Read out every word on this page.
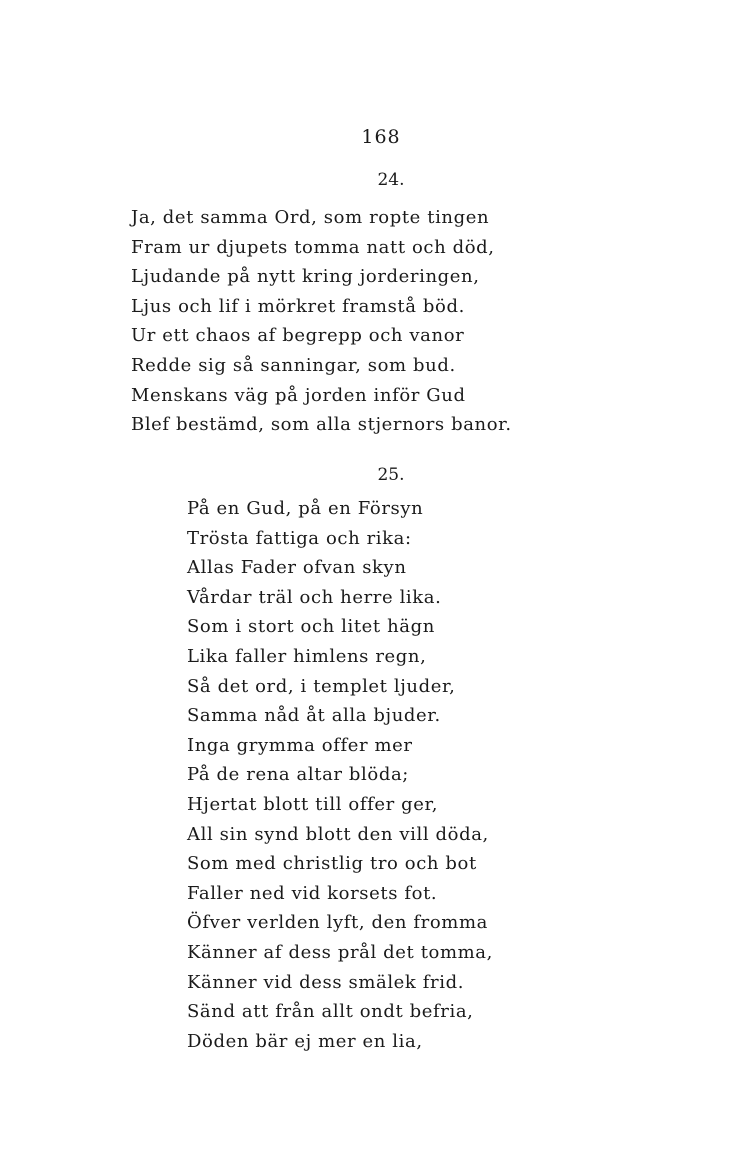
168
24.
Ja, det samma Ord, som ropte tingen
Fram ur djupets tomma natt och död,
Ljudande på nytt kring jorderingen,
Ljus och lif i mörkret framstå böd.
Ur ett chaos af begrepp och vanor
Redde sig så sanningar, som bud.
Menskans väg på jorden inför Gud
Blef bestämd, som alla stjernors banor.
25.
På en Gud, på en Försyn
Trösta fattiga och rika:
Allas Fader ofvan skyn
Vårdar träl och herre lika.
Som i stort och litet hägn
Lika faller himlens regn,
Så det ord, i templet ljuder,
Samma nåd åt alla bjuder.
Inga grymma offer mer
På de rena altar blöda;
Hjertat blott till offer ger,
All sin synd blott den vill döda,
Som med christlig tro och bot
Faller ned vid korsets fot.
Öfver verlden lyft, den fromma
Känner af dess prål det tomma,
Känner vid dess smälek frid.
Sänd att från allt ondt befria,
Döden bär ej mer en lia,
